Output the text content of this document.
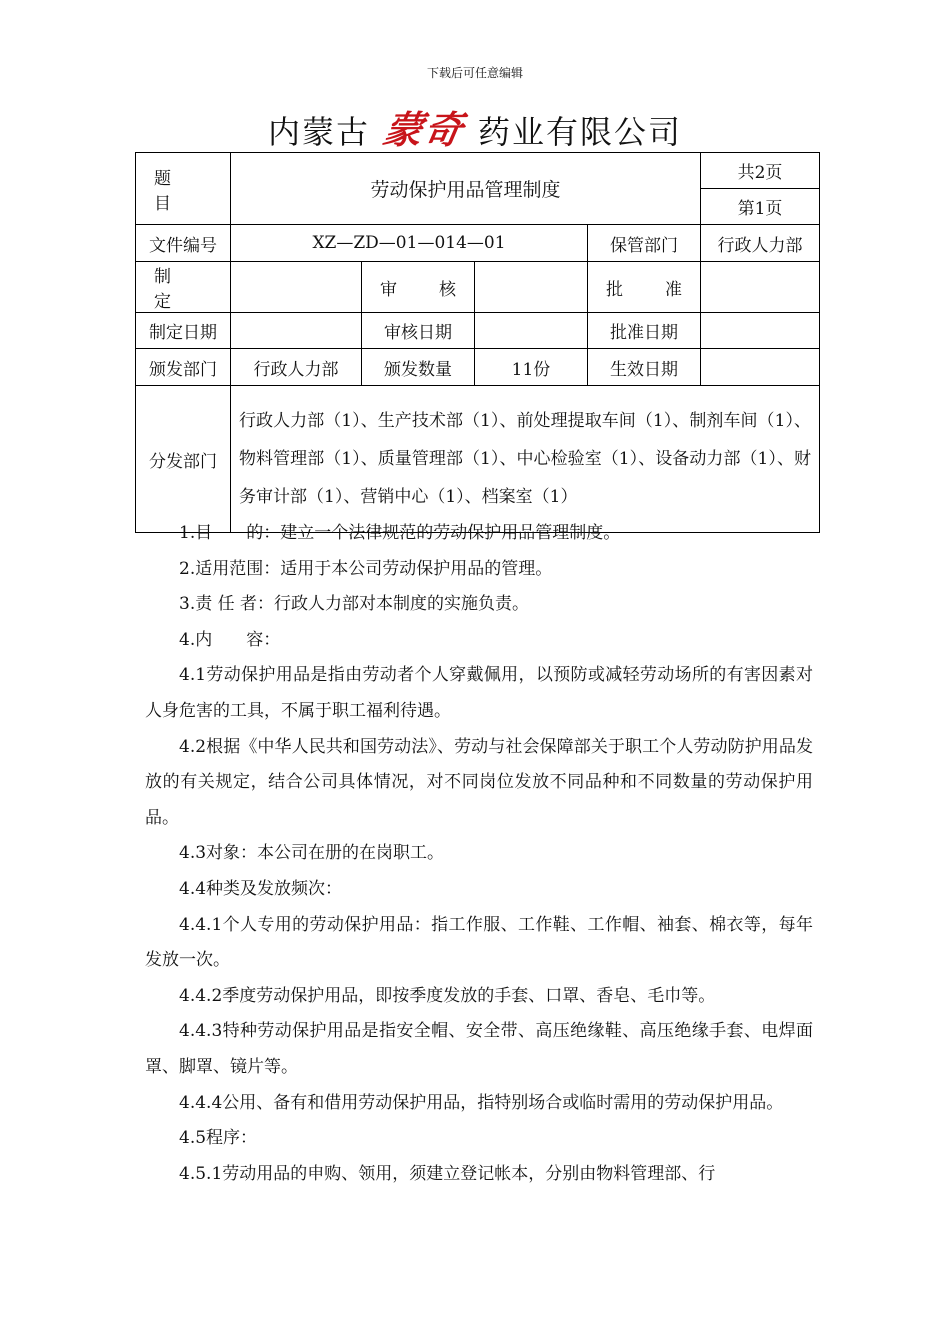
下载后可任意编辑
内蒙古 蒙奇 药业有限公司
题　　目	劳动保护用品管理制度				共2页
					第1页
文件编号	XZ—ZD—01—014—01			保管部门	行政人力部
制　　定		审　　核		批　　准	
制定日期		审核日期		批准日期	
颁发部门	行政人力部	颁发数量	11份	生效日期	
分发部门	行政人力部（1）、生产技术部（1）、前处理提取车间（1）、制剂车间（1）、物料管理部（1）、质量管理部（1）、中心检验室（1）、设备动力部（1）、财务审计部（1）、营销中心（1）、档案室（1）				

1.目　　的：建立一个法律规范的劳动保护用品管理制度。

2.适用范围：适用于本公司劳动保护用品的管理。

3.责 任 者：行政人力部对本制度的实施负责。

4.内　　容：

4.1劳动保护用品是指由劳动者个人穿戴佩用，以预防或减轻劳动场所的有害因素对人身危害的工具，不属于职工福利待遇。

4.2根据《中华人民共和国劳动法》、劳动与社会保障部关于职工个人劳动防护用品发放的有关规定，结合公司具体情况，对不同岗位发放不同品种和不同数量的劳动保护用品。

4.3对象：本公司在册的在岗职工。

4.4种类及发放频次：

4.4.1个人专用的劳动保护用品：指工作服、工作鞋、工作帽、袖套、棉衣等，每年发放一次。

4.4.2季度劳动保护用品，即按季度发放的手套、口罩、香皂、毛巾等。

4.4.3特种劳动保护用品是指安全帽、安全带、高压绝缘鞋、高压绝缘手套、电焊面罩、脚罩、镜片等。

4.4.4公用、备有和借用劳动保护用品，指特别场合或临时需用的劳动保护用品。

4.5程序：

4.5.1劳动用品的申购、领用，须建立登记帐本，分别由物料管理部、行
